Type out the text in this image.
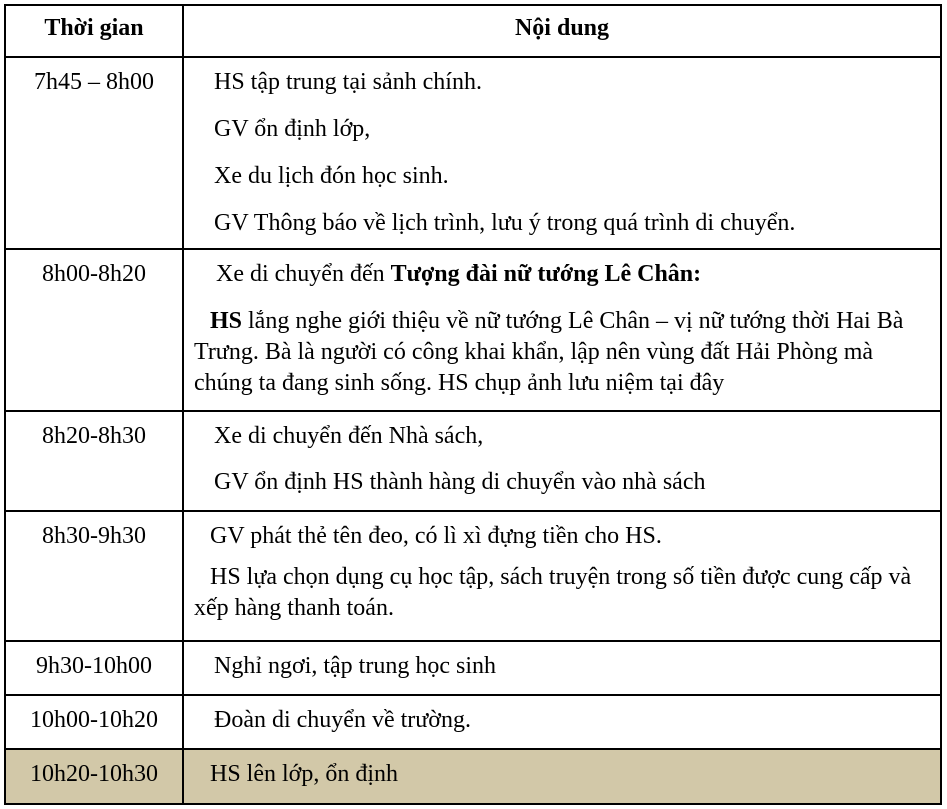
Thời gian	Nội dung
7h45 – 8h00	HS tập trung tại sảnh chính.

GV ổn định lớp,

Xe du lịch đón học sinh.

GV Thông báo về lịch trình, lưu ý trong quá trình di chuyển.

8h00-8h20	Xe di chuyển đến Tượng đài nữ tướng Lê Chân:

HS lắng nghe giới thiệu về nữ tướng Lê Chân – vị nữ tướng thời Hai Bà Trưng. Bà là người có công khai khẩn, lập nên vùng đất Hải Phòng mà chúng ta đang sinh sống. HS chụp ảnh lưu niệm tại đây

8h20-8h30	Xe di chuyển đến Nhà sách,

GV ổn định HS thành hàng di chuyển vào nhà sách

8h30-9h30	GV phát thẻ tên đeo, có lì xì đựng tiền cho HS.

HS lựa chọn dụng cụ học tập, sách truyện trong số tiền được cung cấp và xếp hàng thanh toán.

9h30-10h00	Nghỉ ngơi, tập trung học sinh

10h00-10h20	Đoàn di chuyển về trường.

10h20-10h30	HS lên lớp, ổn định
